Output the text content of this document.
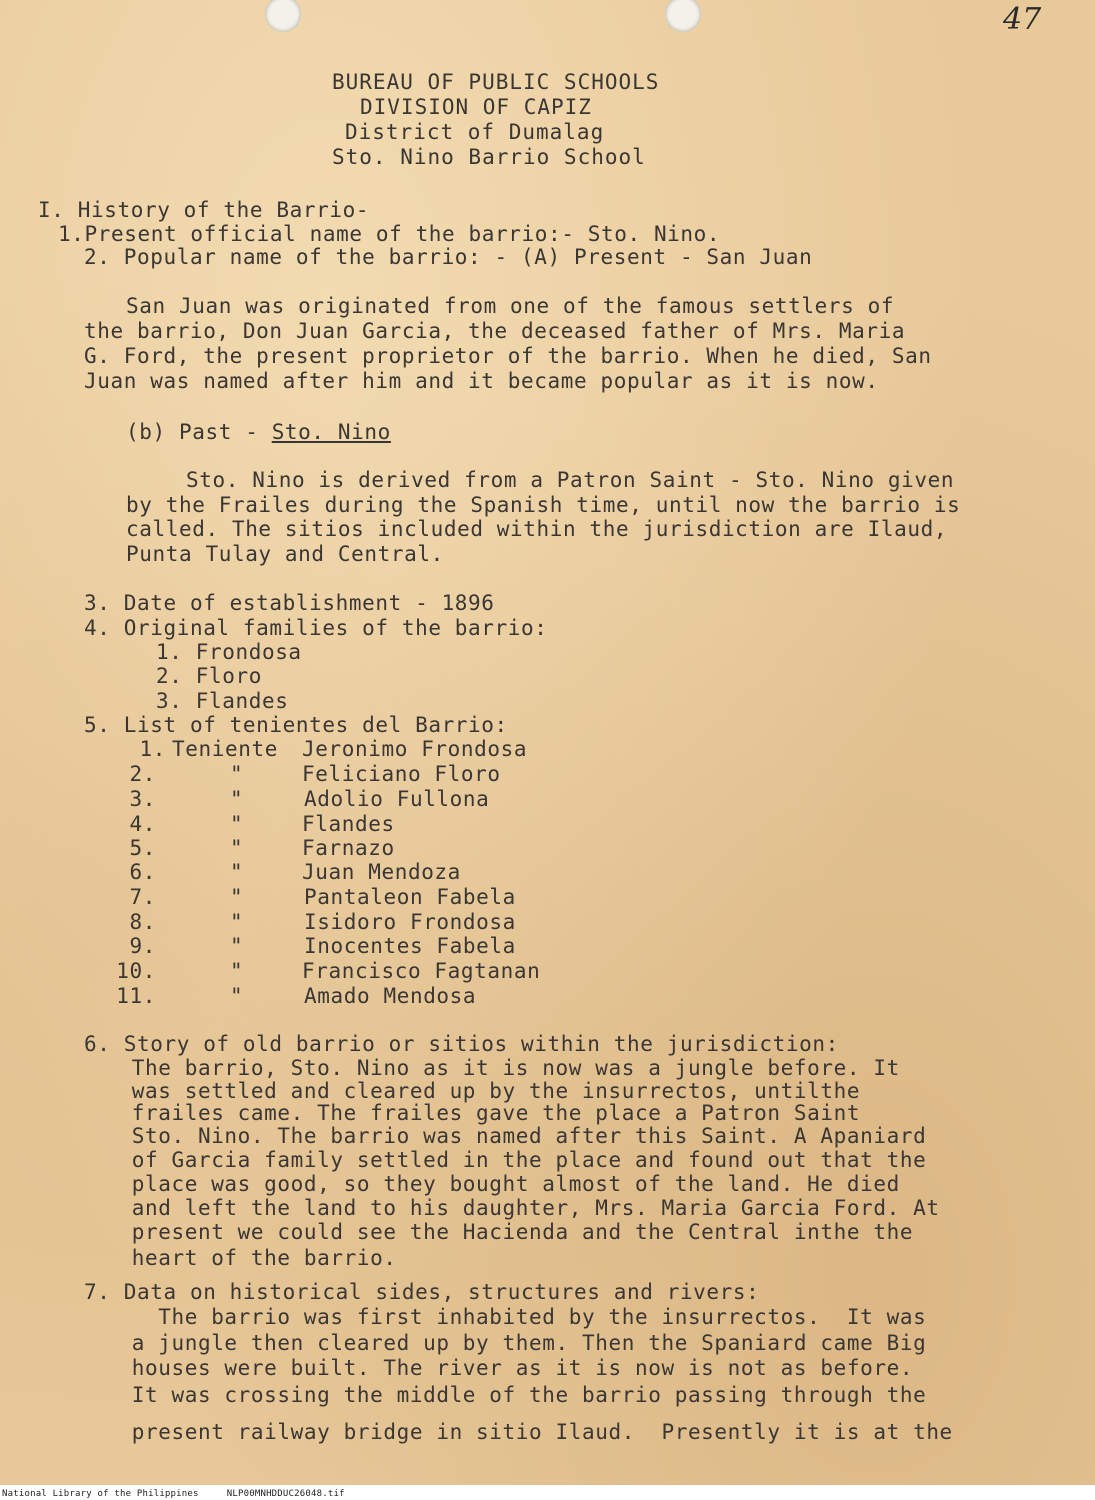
47
BUREAU OF PUBLIC SCHOOLS
DIVISION OF CAPIZ
District of Dumalag
Sto. Nino Barrio School
I. History of the Barrio-
1.Present official name of the barrio:- Sto. Nino.
2. Popular name of the barrio: - (A) Present - San Juan
San Juan was originated from one of the famous settlers of
the barrio, Don Juan Garcia, the deceased father of Mrs. Maria
G. Ford, the present proprietor of the barrio. When he died, San
Juan was named after him and it became popular as it is now.
(b) Past - Sto. Nino
Sto. Nino is derived from a Patron Saint - Sto. Nino given
by the Frailes during the Spanish time, until now the barrio is
called. The sitios included within the jurisdiction are Ilaud,
Punta Tulay and Central.
3. Date of establishment - 1896
4. Original families of the barrio:
1. Frondosa
2. Floro
3. Flandes
5. List of tenientes del Barrio:
1. Teniente Jeronimo Frondosa
2.	"	Feliciano Floro
3.	"	Adolio Fullona
4.	"	Flandes
5.	"	Farnazo
6.	"	Juan Mendoza
7.	"	Pantaleon Fabela
8.	"	Isidoro Frondosa
9.	"	Inocentes Fabela
10.	"	Francisco Fagtanan
11.	"	Amado Mendosa
6. Story of old barrio or sitios within the jurisdiction:
The barrio, Sto. Nino as it is now was a jungle before. It
was settled and cleared up by the insurrectos, untilthe
frailes came. The frailes gave the place a Patron Saint
Sto. Nino. The barrio was named after this Saint. A Apaniard
of Garcia family settled in the place and found out that the
place was good, so they bought almost of the land. He died
and left the land to his daughter, Mrs. Maria Garcia Ford. At
present we could see the Hacienda and the Central inthe the
heart of the barrio.
7. Data on historical sides, structures and rivers:
The barrio was first inhabited by the insurrectos.  It was
a jungle then cleared up by them. Then the Spaniard came Big
houses were built. The river as it is now is not as before.
It was crossing the middle of the barrio passing through the
present railway bridge in sitio Ilaud.  Presently it is at the
National Library of the Philippines     NLP00MNHDDUC26048.tif
